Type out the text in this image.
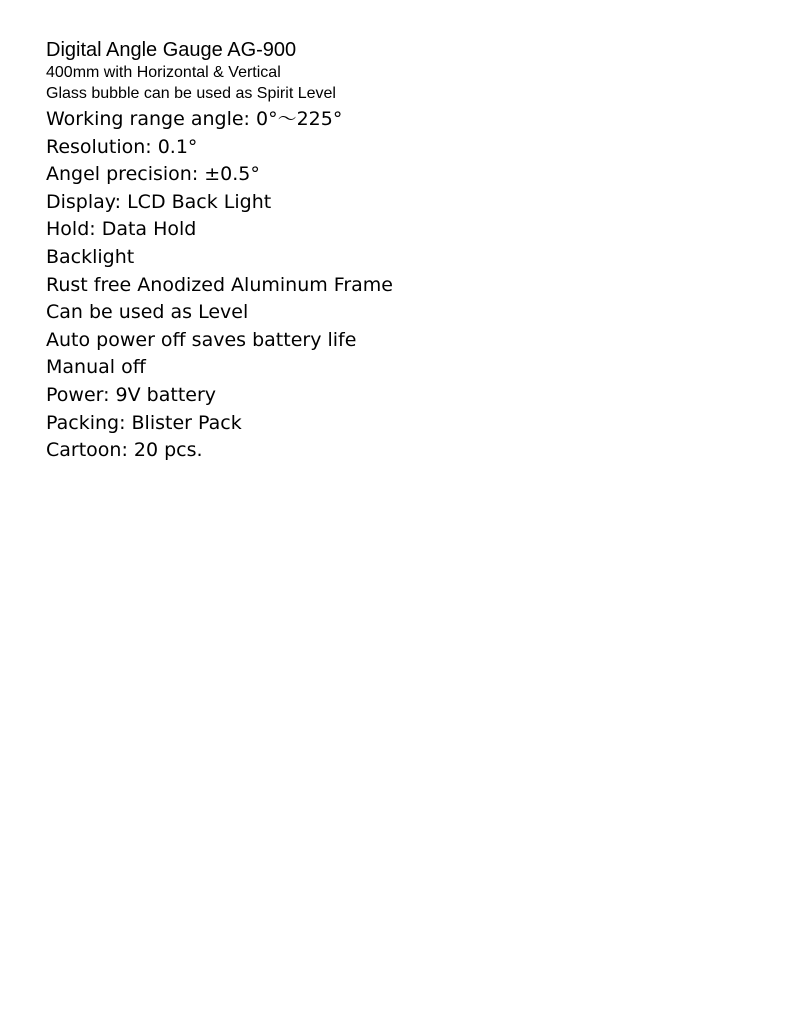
Digital Angle Gauge AG-900

400mm with Horizontal & Vertical

Glass bubble can be used as Spirit Level

Working range angle: 0°～225°
Resolution: 0.1°
Angel precision: ±0.5°
Display: LCD Back Light
Hold: Data Hold
Backlight
Rust free Anodized Aluminum Frame
Can be used as Level
Auto power off saves battery life
Manual off
Power: 9V battery
Packing: Blister Pack
Cartoon: 20 pcs.
